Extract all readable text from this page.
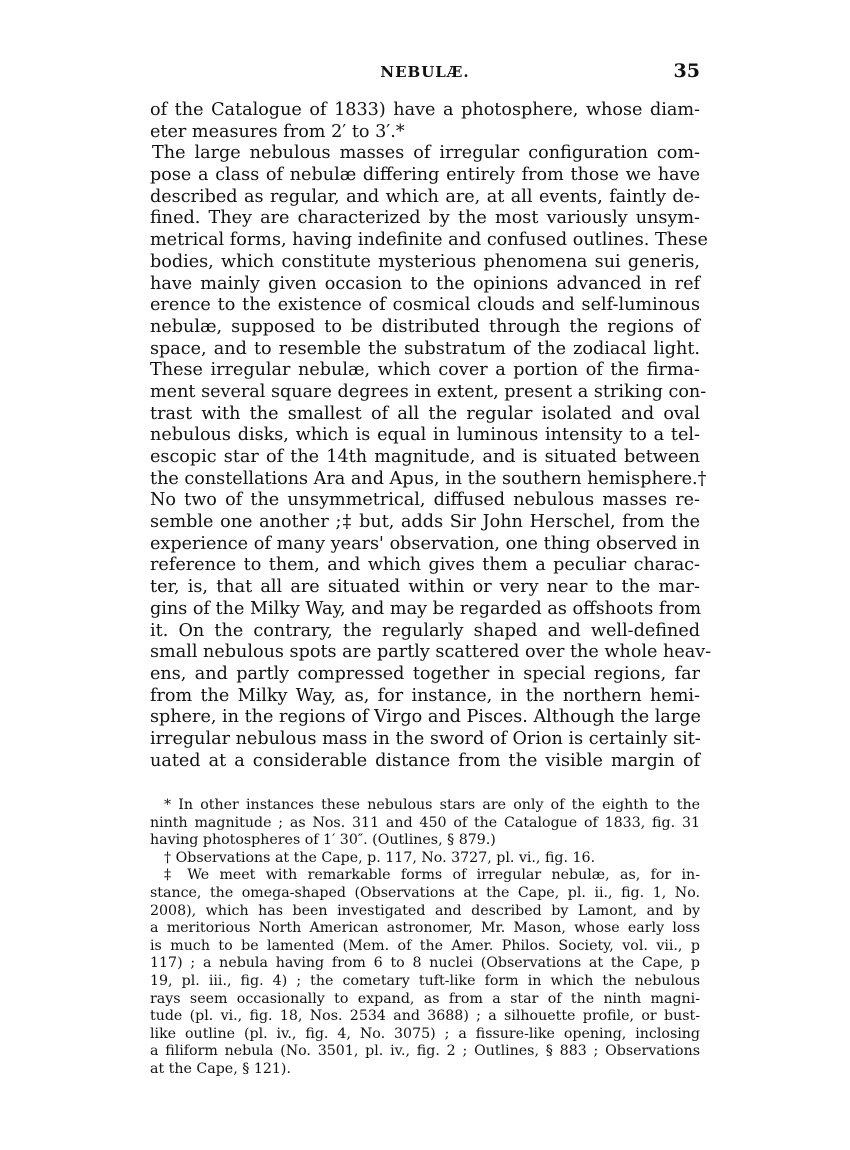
NEBULÆ.	35
of the Catalogue of 1833) have a photosphere, whose diam-
eter measures from 2′ to 3′.*
The large nebulous masses of irregular configuration com-
pose a class of nebulæ differing entirely from those we have
described as regular, and which are, at all events, faintly de-
fined. They are characterized by the most variously unsym-
metrical forms, having indefinite and confused outlines. These
bodies, which constitute mysterious phenomena sui generis,
have mainly given occasion to the opinions advanced in ref
erence to the existence of cosmical clouds and self-luminous
nebulæ, supposed to be distributed through the regions of
space, and to resemble the substratum of the zodiacal light.
These irregular nebulæ, which cover a portion of the firma-
ment several square degrees in extent, present a striking con-
trast with the smallest of all the regular isolated and oval
nebulous disks, which is equal in luminous intensity to a tel-
escopic star of the 14th magnitude, and is situated between
the constellations Ara and Apus, in the southern hemisphere.†
No two of the unsymmetrical, diffused nebulous masses re-
semble one another ;‡ but, adds Sir John Herschel, from the
experience of many years' observation, one thing observed in
reference to them, and which gives them a peculiar charac-
ter, is, that all are situated within or very near to the mar-
gins of the Milky Way, and may be regarded as offshoots from
it. On the contrary, the regularly shaped and well-defined
small nebulous spots are partly scattered over the whole heav-
ens, and partly compressed together in special regions, far
from the Milky Way, as, for instance, in the northern hemi-
sphere, in the regions of Virgo and Pisces. Although the large
irregular nebulous mass in the sword of Orion is certainly sit-
uated at a considerable distance from the visible margin of
* In other instances these nebulous stars are only of the eighth to the
ninth magnitude ; as Nos. 311 and 450 of the Catalogue of 1833, fig. 31
having photospheres of 1′ 30″. (Outlines, § 879.)
† Observations at the Cape, p. 117, No. 3727, pl. vi., fig. 16.
‡ We meet with remarkable forms of irregular nebulæ, as, for in-
stance, the omega-shaped (Observations at the Cape, pl. ii., fig. 1, No.
2008), which has been investigated and described by Lamont, and by
a meritorious North American astronomer, Mr. Mason, whose early loss
is much to be lamented (Mem. of the Amer. Philos. Society, vol. vii., p
117) ; a nebula having from 6 to 8 nuclei (Observations at the Cape, p
19, pl. iii., fig. 4) ; the cometary tuft-like form in which the nebulous
rays seem occasionally to expand, as from a star of the ninth magni-
tude (pl. vi., fig. 18, Nos. 2534 and 3688) ; a silhouette profile, or bust-
like outline (pl. iv., fig. 4, No. 3075) ; a fissure-like opening, inclosing
a filiform nebula (No. 3501, pl. iv., fig. 2 ; Outlines, § 883 ; Observations
at the Cape, § 121).
